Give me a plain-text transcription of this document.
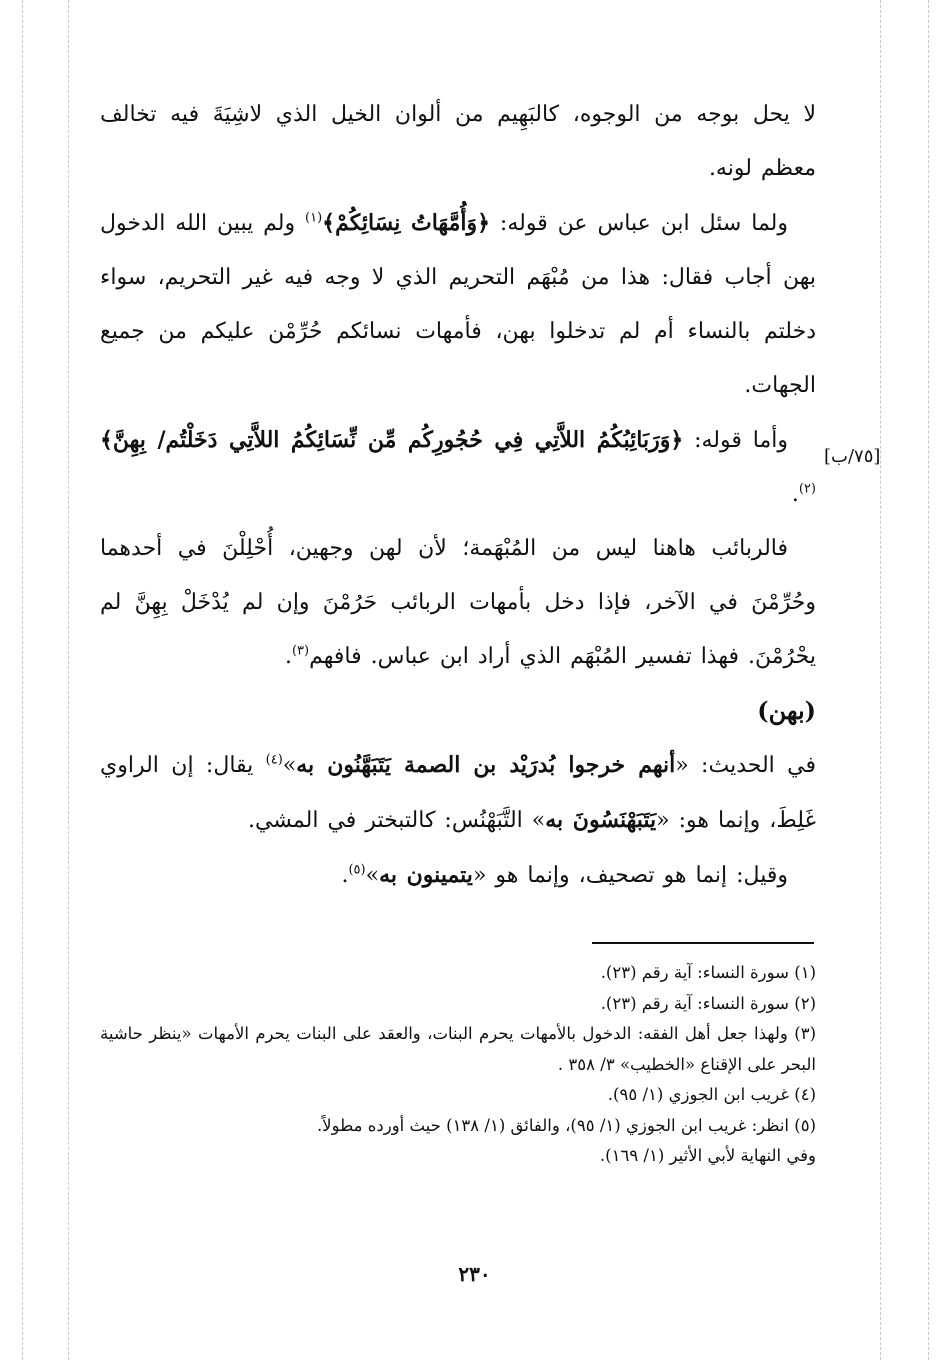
لا يحل بوجه من الوجوه، كالبَهِيم من ألوان الخيل الذي لاشِيَةَ فيه تخالف معظم لونه.

ولما سئل ابن عباس عن قوله: ﴿وَأُمَّهَاتُ نِسَائِكُمْ﴾$^{(١)}$ ولم يبين الله الدخول بهن أجاب فقال: هذا من مُبْهَم التحريم الذي لا وجه فيه غير التحريم، سواء دخلتم بالنساء أم لم تدخلوا بهن، فأمهات نسائكم حُرِّمْن عليكم من جميع الجهات.

وأما قوله: ﴿وَرَبَائِبُكُمُ اللاَّتِي فِي حُجُورِكُم مِّن نِّسَائِكُمُ اللاَّتِي دَخَلْتُم/ بِهِنَّ﴾$^{(٢)}$.

فالربائب هاهنا ليس من المُبْهَمة؛ لأن لهن وجهين، أُحْلِلْنَ في أحدهما وحُرِّمْنَ في الآخر، فإذا دخل بأمهات الربائب حَرُمْنَ وإن لم يُدْخَلْ بِهِنَّ لم يحْرُمْنَ. فهذا تفسير المُبْهَم الذي أراد ابن عباس. فافهم$^{(٣)}$.

(بهن)

في الحديث: «أنهم خرجوا بُدرَيْد بن الصمة يَتَبَهَّنُون به»$^{(٤)}$ يقال: إن الراوي غَلِطَ، وإنما هو: «يَتَبَهْنَسُونَ به» التَّبَهْنُس: كالتبختر في المشي.

وقيل: إنما هو تصحيف، وإنما هو «يتمينون به»$^{(٥)}$.

[٧٥/ب]

(١) سورة النساء: آية رقم (٢٣).

(٢) سورة النساء: آية رقم (٢٣).

(٣) ولهذا جعل أهل الفقه: الدخول بالأمهات يحرم البنات، والعقد على البنات يحرم الأمهات «ينظر حاشية البحر على الإقناع «الخطيب» ٣/ ٣٥٨ .

(٤) غريب ابن الجوزي (١/ ٩٥).

(٥) انظر: غريب ابن الجوزي (١/ ٩٥)، والفائق (١/ ١٣٨) حيث أورده مطولاً.

وفي النهاية لأبي الأثير (١/ ١٦٩).

٢٣٠
